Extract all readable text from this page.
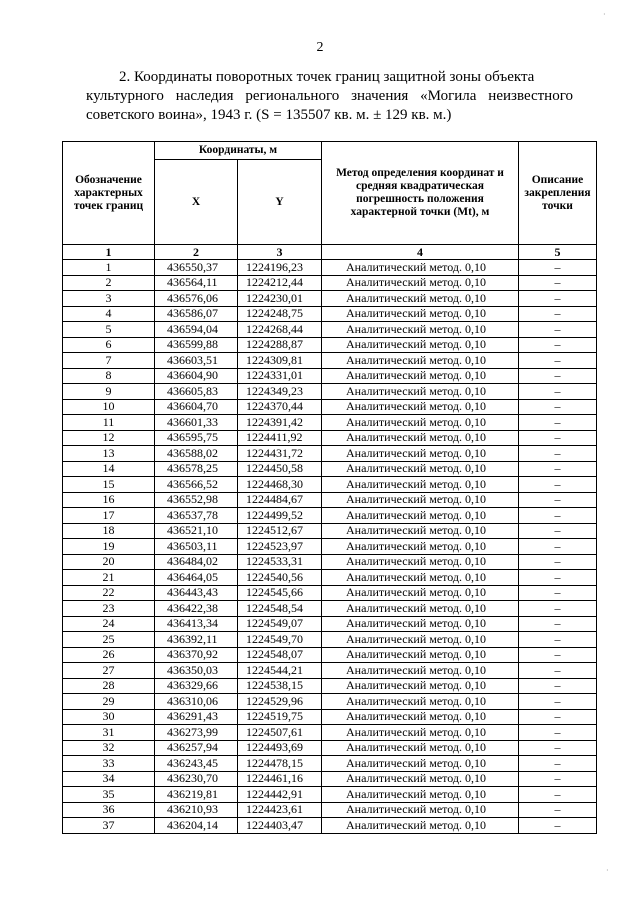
2
2. Координаты поворотных точек границ защитной зоны объекта
культурного наследия регионального значения «Могила неизвестного советского воина», 1943 г. (S = 135507 кв. м. ± 129 кв. м.)
Обозначение характерных точек границ	Координаты, м		Метод определения координат и средняя квадратическая погрешность положения характерной точки (Mt), м	Описание закрепления точки
	X	Y		
1	2	3	4	5
1	436550,37	1224196,23	Аналитический метод. 0,10	–
2	436564,11	1224212,44	Аналитический метод. 0,10	–
3	436576,06	1224230,01	Аналитический метод. 0,10	–
4	436586,07	1224248,75	Аналитический метод. 0,10	–
5	436594,04	1224268,44	Аналитический метод. 0,10	–
6	436599,88	1224288,87	Аналитический метод. 0,10	–
7	436603,51	1224309,81	Аналитический метод. 0,10	–
8	436604,90	1224331,01	Аналитический метод. 0,10	–
9	436605,83	1224349,23	Аналитический метод. 0,10	–
10	436604,70	1224370,44	Аналитический метод. 0,10	–
11	436601,33	1224391,42	Аналитический метод. 0,10	–
12	436595,75	1224411,92	Аналитический метод. 0,10	–
13	436588,02	1224431,72	Аналитический метод. 0,10	–
14	436578,25	1224450,58	Аналитический метод. 0,10	–
15	436566,52	1224468,30	Аналитический метод. 0,10	–
16	436552,98	1224484,67	Аналитический метод. 0,10	–
17	436537,78	1224499,52	Аналитический метод. 0,10	–
18	436521,10	1224512,67	Аналитический метод. 0,10	–
19	436503,11	1224523,97	Аналитический метод. 0,10	–
20	436484,02	1224533,31	Аналитический метод. 0,10	–
21	436464,05	1224540,56	Аналитический метод. 0,10	–
22	436443,43	1224545,66	Аналитический метод. 0,10	–
23	436422,38	1224548,54	Аналитический метод. 0,10	–
24	436413,34	1224549,07	Аналитический метод. 0,10	–
25	436392,11	1224549,70	Аналитический метод. 0,10	–
26	436370,92	1224548,07	Аналитический метод. 0,10	–
27	436350,03	1224544,21	Аналитический метод. 0,10	–
28	436329,66	1224538,15	Аналитический метод. 0,10	–
29	436310,06	1224529,96	Аналитический метод. 0,10	–
30	436291,43	1224519,75	Аналитический метод. 0,10	–
31	436273,99	1224507,61	Аналитический метод. 0,10	–
32	436257,94	1224493,69	Аналитический метод. 0,10	–
33	436243,45	1224478,15	Аналитический метод. 0,10	–
34	436230,70	1224461,16	Аналитический метод. 0,10	–
35	436219,81	1224442,91	Аналитический метод. 0,10	–
36	436210,93	1224423,61	Аналитический метод. 0,10	–
37	436204,14	1224403,47	Аналитический метод. 0,10	–
·
·
